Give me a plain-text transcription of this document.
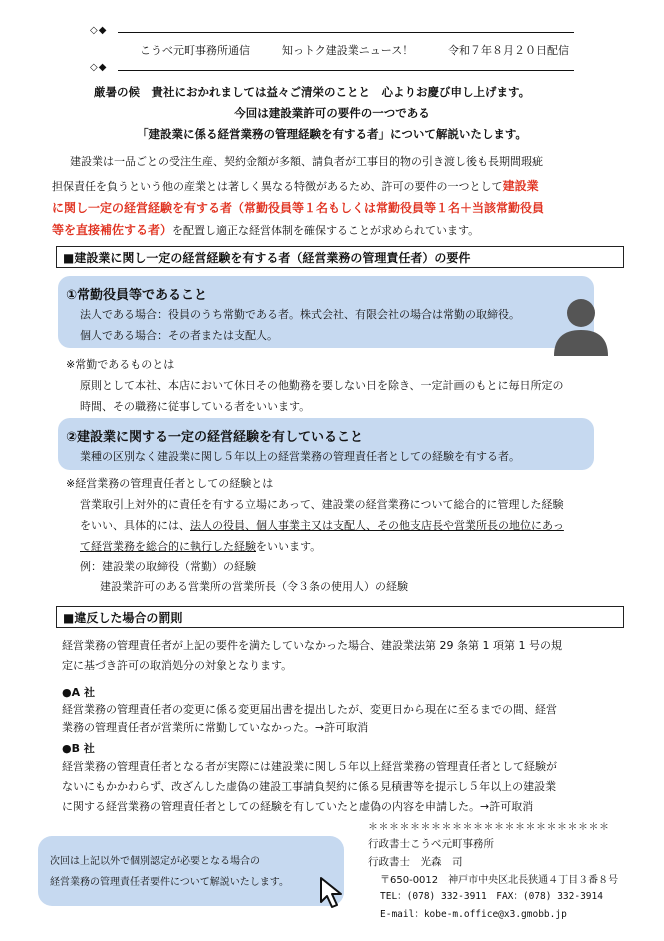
◇◆
こうべ元町事務所通信	知っトク建設業ニュース！	令和７年８月２０日配信
◇◆
厳暑の候　貴社におかれましては益々ご清栄のことと　心よりお慶び申し上げます。
今回は建設業許可の要件の一つである
「建設業に係る経営業務の管理経験を有する者」について解説いたします。
建設業は一品ごとの受注生産、契約金額が多額、請負者が工事目的物の引き渡し後も長期間瑕疵
担保責任を負うという他の産業とは著しく異なる特徴があるため、許可の要件の一つとして建設業
に関し一定の経営経験を有する者（常勤役員等１名もしくは常勤役員等１名＋当該常勤役員
等を直接補佐する者）を配置し適正な経営体制を確保することが求められています。
■建設業に関し一定の経営経験を有する者（経営業務の管理責任者）の要件
①常勤役員等であること
法人である場合：役員のうち常勤である者。株式会社、有限会社の場合は常勤の取締役。
個人である場合：その者または支配人。
※常勤であるものとは
原則として本社、本店において休日その他勤務を要しない日を除き、一定計画のもとに毎日所定の
時間、その職務に従事している者をいいます。
②建設業に関する一定の経営経験を有していること
業種の区別なく建設業に関し５年以上の経営業務の管理責任者としての経験を有する者。
※経営業務の管理責任者としての経験とは
営業取引上対外的に責任を有する立場にあって、建設業の経営業務について総合的に管理した経験
をいい、具体的には、法人の役員、個人事業主又は支配人、その他支店長や営業所長の地位にあっ
て経営業務を総合的に執行した経験をいいます。
例：建設業の取締役（常勤）の経験
建設業許可のある営業所の営業所長（令３条の使用人）の経験
■違反した場合の罰則
経営業務の管理責任者が上記の要件を満たしていなかった場合、建設業法第 29 条第 1 項第 1 号の規
定に基づき許可の取消処分の対象となります。
●A 社
経営業務の管理責任者の変更に係る変更届出書を提出したが、変更日から現在に至るまでの間、経営
業務の管理責任者が営業所に常勤していなかった。→許可取消
●B 社
経営業務の管理責任者となる者が実際には建設業に関し５年以上経営業務の管理責任者として経験が
ないにもかかわらず、改ざんした虚偽の建設工事請負契約に係る見積書等を提示し５年以上の建設業
に関する経営業務の管理責任者としての経験を有していたと虚偽の内容を申請した。→許可取消
次回は上記以外で個別認定が必要となる場合の
経営業務の管理責任者要件について解説いたします。
＊＊＊＊＊＊＊＊＊＊＊＊＊＊＊＊＊＊＊＊＊＊＊
行政書士こうべ元町事務所
行政書士　光森　司
〒650-0012　神戸市中央区北長狭通４丁目３番８号
TEL：(078) 332-3911　FAX：(078) 332-3914
E-mail：kobe-m.office@x3.gmobb.jp
